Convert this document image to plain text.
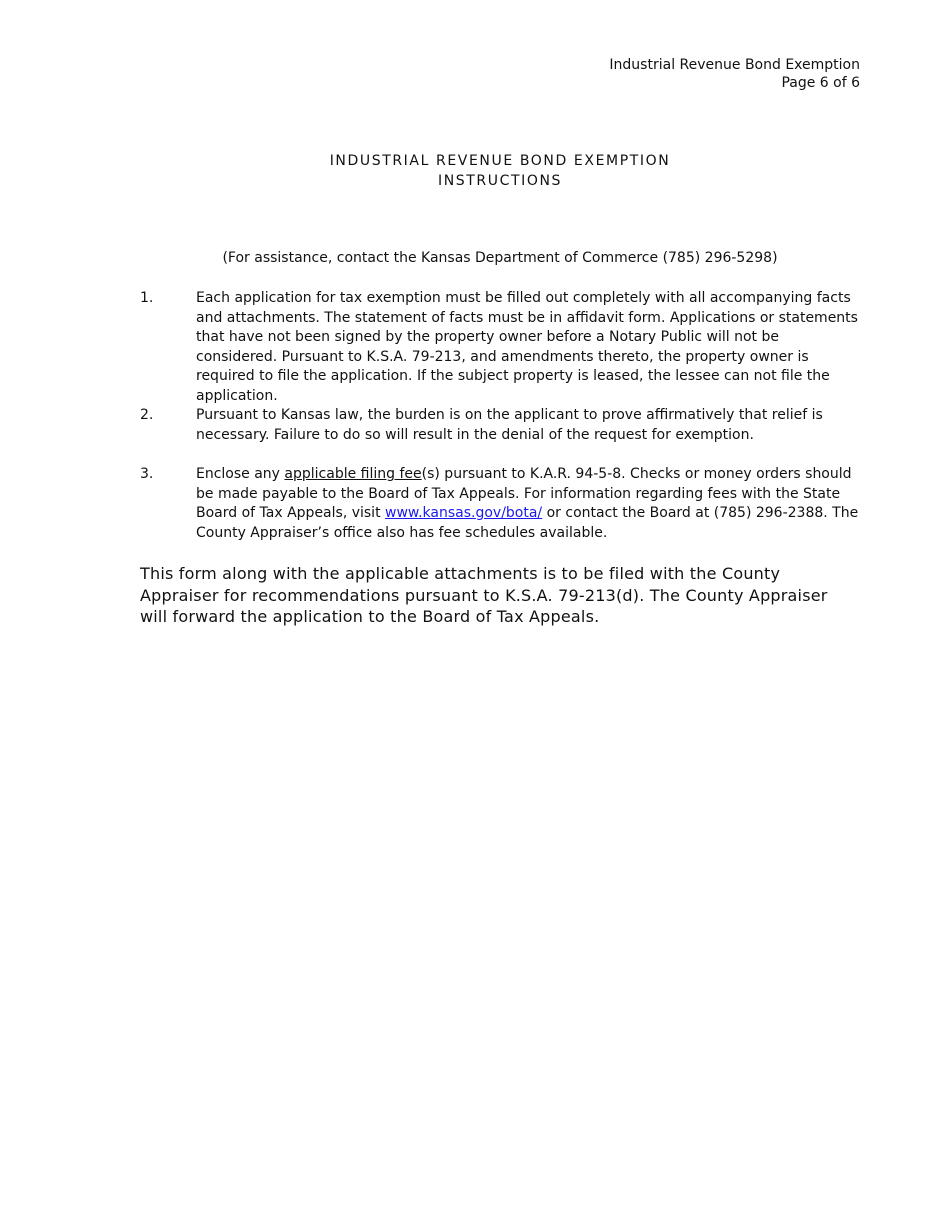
Industrial Revenue Bond Exemption
Page 6 of 6
INDUSTRIAL REVENUE BOND EXEMPTION
INSTRUCTIONS
(For assistance, contact the Kansas Department of Commerce (785) 296-5298)
1.	Each application for tax exemption must be filled out completely with all accompanying facts and attachments. The statement of facts must be in affidavit form. Applications or statements that have not been signed by the property owner before a Notary Public will not be considered. Pursuant to K.S.A. 79-213, and amendments thereto, the property owner is required to file the application. If the subject property is leased, the lessee can not file the application.
2.	Pursuant to Kansas law, the burden is on the applicant to prove affirmatively that relief is necessary. Failure to do so will result in the denial of the request for exemption.
3.	Enclose any applicable filing fee(s) pursuant to K.A.R. 94-5-8. Checks or money orders should be made payable to the Board of Tax Appeals. For information regarding fees with the State Board of Tax Appeals, visit www.kansas.gov/bota/ or contact the Board at (785) 296-2388. The County Appraiser’s office also has fee schedules available.
This form along with the applicable attachments is to be filed with the County Appraiser for recommendations pursuant to K.S.A. 79-213(d). The County Appraiser will forward the application to the Board of Tax Appeals.
